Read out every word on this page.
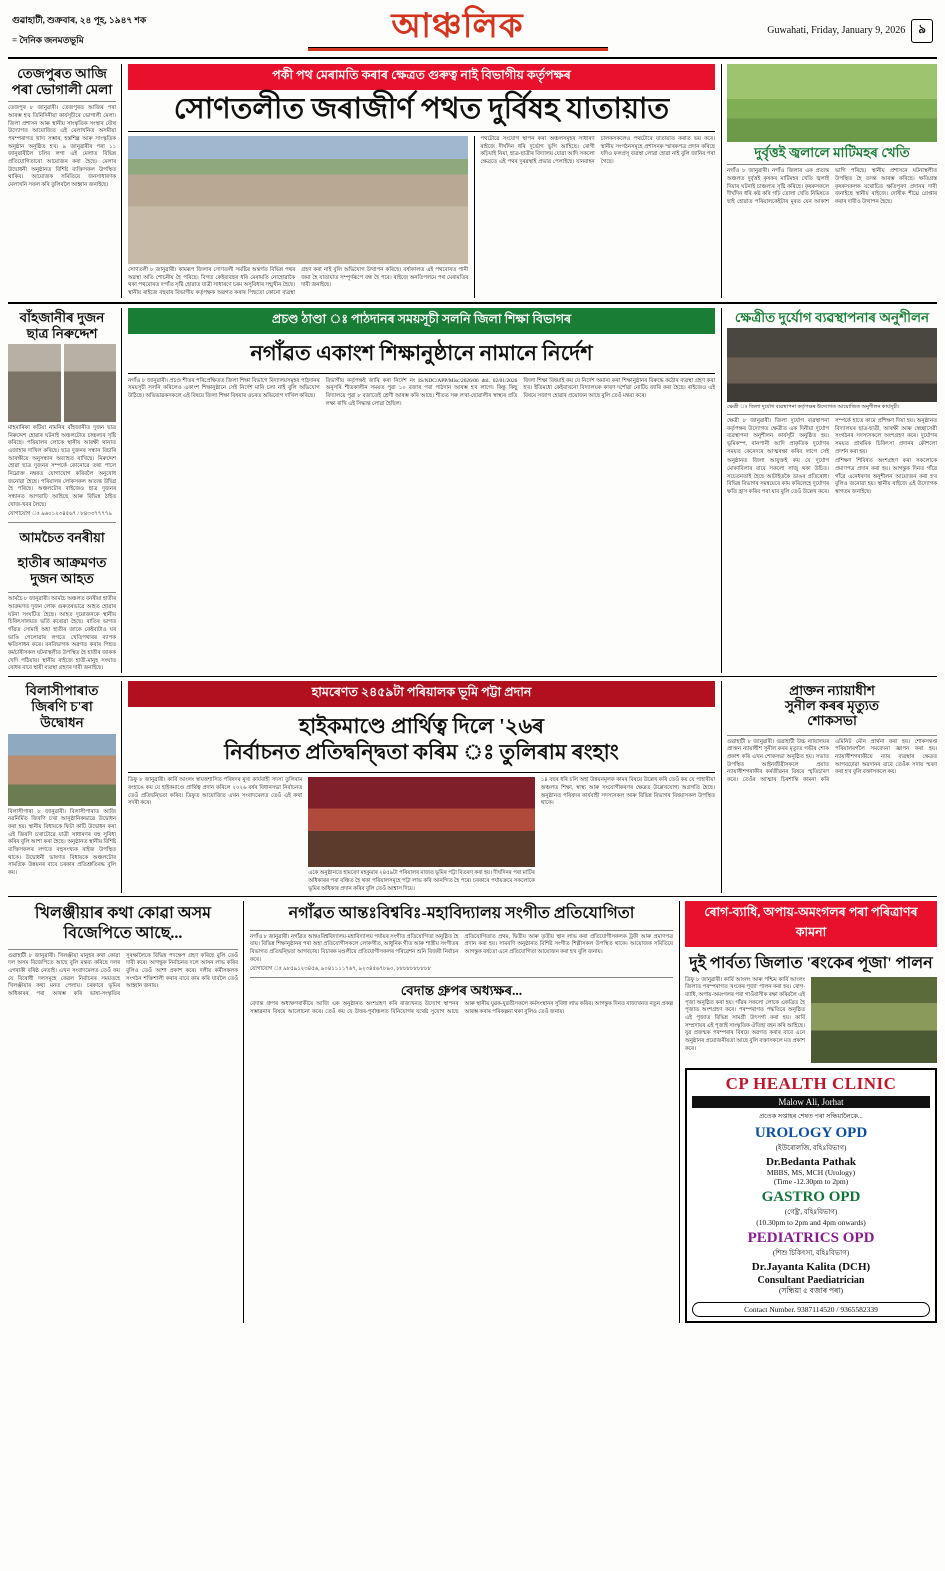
গুৱাহাটী, শুক্ৰবাৰ, ২৪ পূহ, ১৯৪৭ শক
= দৈনিক জনমতভূমি	আঞ্চলিক	Guwahati, Friday, January 9, 2026	৯
তেজপুৰত আজি পৰা ভোগালী মেলা
তেজপুৰ ৮ জানুৱাৰী। তেজপুৰত আজিৰ পৰা আৰম্ভ হ'ব তিনিদিনীয়া কাৰ্যসূচীৰে ভোগালী মেলা। জিলা প্ৰশাসন আৰু স্থানীয় সাংস্কৃতিক সংস্থাৰ যৌথ উদ্যোগত আয়োজিত এই মেলাখনিত অসমীয়া পৰম্পৰাগত খাদ্য সম্ভাৰ, হস্তশিল্প আৰু সাংস্কৃতিক অনুষ্ঠান অনুষ্ঠিত হ'ব। ৯ জানুৱাৰীৰ পৰা ১১ জানুৱাৰীলৈ চলিব লগা এই মেলাত বিভিন্ন প্ৰতিযোগিতাৰো আয়োজন কৰা হৈছে। মেলাৰ উদ্বোধনী অনুষ্ঠানত বিশিষ্ট ব্যক্তিসকল উপস্থিত থাকিব। আয়োজক সমিতিয়ে জনসাধাৰণক মেলাখনি সফল কৰি তুলিবলৈ আহ্বান জনাইছে।
পকী পথ মেৰামতি কৰাৰ ক্ষেত্ৰত গুৰুত্ব নাই বিভাগীয় কৰ্তৃপক্ষৰ
সোণতলীত জৰাজীৰ্ণ পথত দুৰ্বিষহ যাতায়াত
সোণতলী ৮ জানুৱাৰী। কামৰূপ জিলাৰ সোণতলী সমষ্টিৰ অন্তৰ্গত বিভিন্ন পথৰ অৱস্থা অতি শোচনীয় হৈ পৰিছে। বিগত কেইবাবছৰ ধৰি মেৰামতি নোহোৱাকৈ থকা পথবোৰত দ'গাঁত সৃষ্টি হোৱাত যাত্ৰী সাধাৰণে চৰম অসুবিধাৰ সন্মুখীন হৈছে। স্থানীয় ৰাইজে বহুবাৰ বিভাগীয় কৰ্তৃপক্ষক অৱগত কৰাৰ পিছতো কোনো ব্যৱস্থা গ্ৰহণ কৰা নাই বুলি অভিযোগ উত্থাপন কৰিছে। বৰ্ষাকালত এই পথবোৰত পানী জমা হৈ যাতায়াত সম্পূৰ্ণৰূপে বন্ধ হৈ পৰে। ৰাইজে অনতিপলমে পথ মেৰামতিৰ দাবী জনাইছে।
পথটোৱে সংযোগ স্থাপন কৰা অঞ্চলসমূহৰ সাধাৰণ ৰাইজে দীৰ্ঘদিন ধৰি দুৰ্ভোগ ভুগি আহিছে। ৰোগী কঢ়িয়াই নিয়া, ছাত্ৰ-ছাত্ৰীৰ বিদ্যালয় যোৱা আদি সকলো ক্ষেত্ৰতে এই পথৰ দুৰৱস্থাই প্ৰভাৱ পেলাইছে। যানবাহন চালকসকলেও পথটোৰে যাতায়াত কৰাত ভয় কৰে। স্থানীয় সংগঠনসমূহে প্ৰশাসনক স্মাৰকপত্ৰ প্ৰদান কৰিছে যদিও ফলপ্ৰসূ ব্যৱস্থা লোৱা হোৱা নাই বুলি জানিব পৰা গৈছে।
দুৰ্বৃত্তই জ্বলালে মাটিমহৰ খেতি
নগাঁও ৮ জানুৱাৰী। নগাঁও জিলাৰ এক প্ৰত্যন্ত অঞ্চলত দুৰ্বৃত্তই কৃষকৰ মাটিমহৰ খেতি জ্বলাই দিয়াৰ ঘটনাই চাঞ্চল্যৰ সৃষ্টি কৰিছে। কৃষকসকলে দীৰ্ঘদিন ধৰি কষ্ট কৰি গঢ়ি তোলা খেতি নিমিষতে ছাই হোৱাত পৰিয়ালকেইটাৰ মূৰত যেন আকাশ ভাগি পৰিছে। স্থানীয় প্ৰশাসনে ঘটনাস্থলীত উপস্থিত হৈ তদন্ত আৰম্ভ কৰিছে। ক্ষতিগ্ৰস্ত কৃষকসকলক যথোচিত ক্ষতিপূৰণ প্ৰদানৰ দাবী জনাইছে স্থানীয় ৰাইজে। দোষীক শীঘ্ৰে গ্ৰেপ্তাৰ কৰাৰ দাবীও উত্থাপন হৈছে।
বাঁহজানীৰ দুজন ছাত্ৰ নিৰুদ্দেশ
মাহমাৰিকা কটিয়া নামনিৰ বাঁহজানীত দুজন ছাত্ৰ নিৰুদ্দেশ হোৱাৰ ঘটনাই অঞ্চলটোত চাঞ্চল্যৰ সৃষ্টি কৰিছে। পৰিয়ালৰ লোকে স্থানীয় আৰক্ষী থানাত এজাহাৰ দাখিল কৰিছে। ছাত্ৰ দুজনৰ সন্ধান বিচাৰি আৰক্ষীয়ে অনুসন্ধান অব্যাহত ৰাখিছে। নিৰুদ্দেশ হোৱা ছাত্ৰ দুজনৰ সম্পৰ্কে কোনোৱে তথ্য পালে নিম্নোক্ত নম্বৰত যোগাযোগ কৰিবলৈ অনুৰোধ জনোৱা হৈছে। পৰিয়ালৰ লোকসকল অত্যন্ত উদ্বিগ্ন হৈ পৰিছে। অঞ্চলটোৰ ৰাইজেও ছাত্ৰ দুজনৰ সন্ধানত আগবাঢ়ি আহিছে আৰু বিভিন্ন ঠাইত খোজ-খবৰ লৈছে।
যোগাযোগ ঃ ৯৬০১২৩৪৫৬৭ / ৮৪৩৩৭৭৭৭৯
আমচৈত বনৰীয়া
হাতীৰ আক্ৰমণত দুজন আহত
আমচৈ ৮ জানুৱাৰী। আমচৈ অঞ্চলত বনৰীয়া হাতীৰ আক্ৰমণত দুজন লোক গুৰুতৰভাৱে আহত হোৱাৰ ঘটনা সংঘটিত হৈছে। আহত দুয়োজনকে স্থানীয় চিকিৎসালয়ত ভৰ্তি কৰোৱা হৈছে। ৰাতিৰ ভাগত গাঁৱত সোমাই অহা হাতীৰ জাকে কেইবাটাও ঘৰ ভাঙি পেলোৱাৰ লগতে খেতিপথাৰৰ ব্যাপক ক্ষতিসাধন কৰে। বনবিভাগক অৱগত কৰাৰ পিছত কৰ্মচাৰীসকল ঘটনাস্থলীত উপস্থিত হৈ হাতীৰ জাকক খেদি পঠিয়ায়। স্থানীয় ৰাইজে হাতী-মানুহ সংঘাত ৰোধৰ বাবে স্থায়ী ব্যৱস্থা গ্ৰহণৰ দাবী জনাইছে।
প্ৰচণ্ড ঠাণ্ডা ঃ পাঠদানৰ সময়সূচী সলনি জিলা শিক্ষা বিভাগৰ
নগাঁৱত একাংশ শিক্ষানুষ্ঠানে নামানে নিৰ্দেশ
নগাঁও ৮ জানুৱাৰী। প্ৰচণ্ড শীতৰ পৰিপ্ৰেক্ষিতত জিলা শিক্ষা বিভাগে বিদ্যালয়সমূহৰ পাঠদানৰ সময়সূচী সলনি কৰিলেও একাংশ শিক্ষানুষ্ঠানে সেই নিৰ্দেশ মানি চলা নাই বুলি অভিযোগ উঠিছে। অভিভাৱকসকলে এই বিষয়ে জিলা শিক্ষা বিষয়াৰ ওচৰত অভিযোগ দাখিল কৰিছে।
বিভাগীয় কৰ্তৃপক্ষই জাৰি কৰা নিৰ্দেশ নং IS/NDC/APP/Misc/2026/06 dtd. 02/01/2026 অনুসৰি শীতকালীন সময়ত পুৱা ১০ বজাৰ পৰা পাঠদান আৰম্ভ হ'ব লাগে। কিন্তু কিছু বিদ্যালয়ে পুৱা ৮ বজাতেই শ্ৰেণী আৰম্ভ কৰি আছে। শীতত সৰু ল'ৰা-ছোৱালীৰ স্বাস্থ্যৰ প্ৰতি লক্ষ্য ৰাখি এই সিদ্ধান্ত লোৱা হৈছিল।
জিলা শিক্ষা বিষয়াই কয় যে নিৰ্দেশ অমান্য কৰা শিক্ষানুষ্ঠানৰ বিৰুদ্ধে কঠোৰ ব্যৱস্থা গ্ৰহণ কৰা হ'ব। ইতিমধ্যে কেইবাখনো বিদ্যালয়ক কাৰণ দৰ্শোৱা নোটিচ জাৰি কৰা হৈছে। ৰাইজেও এই বিষয়ে সজাগ হোৱাৰ প্ৰয়োজন আছে বুলি তেওঁ মন্তব্য কৰে।
ক্ষেত্ৰীত দুৰ্যোগ ব্যৱস্থাপনাৰ অনুশীলন
ক্ষেত্ৰী ঃ জিলা দুৰ্যোগ ব্যৱস্থাপনা কৰ্তৃপক্ষৰ উদ্যোগত আয়োজিত অনুশীলন কাৰ্যসূচী।
ক্ষেত্ৰী ৮ জানুৱাৰী। জিলা দুৰ্যোগ ব্যৱস্থাপনা কৰ্তৃপক্ষৰ উদ্যোগত ক্ষেত্ৰীত এক দিনীয়া দুৰ্যোগ ব্যৱস্থাপনা অনুশীলন কাৰ্যসূচী অনুষ্ঠিত হয়। ভূমিকম্প, বানপানী আদি প্ৰাকৃতিক দুৰ্যোগৰ সময়ত কেনেদৰে আত্মৰক্ষা কৰিব লাগে সেই সম্পৰ্কে হাতে কামে প্ৰশিক্ষণ দিয়া হয়। অনুষ্ঠানত বিদ্যালয়ৰ ছাত্ৰ-ছাত্ৰী, আৰক্ষী আৰু স্বেচ্ছাসেৱী সংগঠনৰ সদস্যসকলে অংশগ্ৰহণ কৰে। দুৰ্যোগৰ সময়ত প্ৰাথমিক চিকিৎসা প্ৰদানৰ কৌশলো প্ৰদৰ্শন কৰা হয়।
অনুষ্ঠানত জিলা আয়ুক্তই কয় যে দুৰ্যোগ মোকাবিলাৰ বাবে সকলো সাজু থকা উচিত। সচেতনতাই হৈছে আটাইতকৈ ডাঙৰ প্ৰতিৰোধ। বিভিন্ন বিভাগৰ সমন্বয়েৰে কাম কৰিলেহে দুৰ্যোগৰ ক্ষতি হ্ৰাস কৰিব পৰা যাব বুলি তেওঁ উল্লেখ কৰে। প্ৰশিক্ষণ শিবিৰত অংশগ্ৰহণ কৰা সকলোকে প্ৰমাণপত্ৰ প্ৰদান কৰা হয়। আগন্তুক দিনত গাঁৱে গাঁৱে এনেধৰণৰ অনুশীলন আয়োজন কৰা হ'ব বুলিও জনোৱা হয়। স্থানীয় ৰাইজে এই উদ্যোগক স্বাগতম জনাইছে।
বিলাসীপাৰাত জিৰণি চ'ৰা উদ্বোধন
বিলাসীপাৰা ৮ জানুৱাৰী। বিলাসীপাৰাত আজি নৱনিৰ্মিত জিৰণি চ'ৰা আনুষ্ঠানিকভাৱে উদ্বোধন কৰা হয়। স্থানীয় বিধায়কে ফিটা কাটি উদ্বোধন কৰা এই জিৰণি চ'ৰাটোৱে যাত্ৰী সাধাৰণৰ বহু সুবিধা কৰিব বুলি আশা কৰা হৈছে। অনুষ্ঠানত স্থানীয় বিশিষ্ট ব্যক্তিসকলৰ লগতে বহুসংখ্যক ৰাইজ উপস্থিত থাকে। উদ্বোধনী ভাষণত বিধায়কে অঞ্চলটোৰ সামগ্ৰিক উন্নয়নৰ বাবে চৰকাৰ প্ৰতিশ্ৰুতিবদ্ধ বুলি কয়।
হামৰেণত ২৪৫৯টা পৰিয়ালক ভূমি পট্টা প্ৰদান
হাইকমাণ্ডে প্ৰাৰ্থিত্ব দিলে '২৬ৰ
নিৰ্বাচনত প্ৰতিদ্বন্দ্বিতা কৰিম ঃ তুলিৰাম ৰংহাং
ডিফু ৮ জানুৱাৰী। কাৰ্বি আংলং স্বায়ত্তশাসিত পৰিষদৰ মুখ্য কাৰ্যবাহী সদস্য তুলিৰাম ৰংহাঙে কয় যে হাইকমাণ্ডে প্ৰাৰ্থিত্ব প্ৰদান কৰিলে ২০২৬ বৰ্ষৰ বিধানসভা নিৰ্বাচনত তেওঁ প্ৰতিদ্বন্দ্বিতা কৰিব। ডিফুত আয়োজিত এখন সংবাদমেলত তেওঁ এই কথা সদৰী কৰে।
একে অনুষ্ঠানতে হামৰেণ মহকুমাৰ ২৪৫৯টা পৰিয়ালৰ মাজত ভূমিৰ পট্টা বিতৰণ কৰা হয়। দীৰ্ঘদিনৰ পৰা মাটিৰ অধিকাৰৰ পৰা বঞ্চিত হৈ থকা পৰিয়ালসমূহে পট্টা লাভ কৰি আনন্দিত হৈ পৰে। চৰকাৰে পৰ্যায়ক্ৰমে সকলোকে ভূমিৰ অধিকাৰ প্ৰদান কৰিব বুলি তেওঁ আশ্বাস দিয়ে।
১৪ বছৰ ধৰি চলি অহা উন্নয়নমূলক কামৰ বিষয়ে উল্লেখ কৰি তেওঁ কয় যে পাহাৰীয়া অঞ্চলত শিক্ষা, স্বাস্থ্য আৰু সংযোগীকৰণৰ ক্ষেত্ৰত উল্লেখযোগ্য অগ্ৰগতি হৈছে। অনুষ্ঠানত পৰিষদৰ কাৰ্যবাহী সদস্যসকল আৰু বিভিন্ন বিভাগৰ বিষয়াসকল উপস্থিত থাকে।
প্ৰাক্তন ন্যায়াধীশ
সুনীল কৰৰ মৃত্যুত
শোকসভা
গুৱাহাটী ৮ জানুৱাৰী। গুৱাহাটী উচ্চ ন্যায়ালয়ৰ প্ৰাক্তন ন্যায়াধীশ সুনীল কৰৰ মৃত্যুত গভীৰ শোক প্ৰকাশ কৰি এখন শোকসভা অনুষ্ঠিত হয়। সভাত উপস্থিত আইনজীৱীসকলে প্ৰয়াত ন্যায়াধীশগৰাকীৰ কৰ্মজীৱনৰ বিষয়ে স্মৃতিচাৰণ কৰে। তেওঁৰ আত্মাৰ চিৰশান্তি কামনা কৰি এমিনিট মৌন প্ৰাৰ্থনা কৰা হয়। শোকসন্তপ্ত পৰিয়ালবৰ্গলৈ সমবেদনা জ্ঞাপন কৰা হয়। ন্যায়াধীশগৰাকীয়ে ন্যায় ব্যৱস্থাৰ ক্ষেত্ৰত আগবঢ়োৱা অৱদানৰ বাবে তেওঁক সদায় স্মৰণ কৰা হ'ব বুলি বক্তাসকলে কয়।
খিলঞ্জীয়াৰ কথা কোৱা অসম বিজেপিতে আছে...
গুৱাহাটী ৮ জানুৱাৰী। খিলঞ্জীয়া মানুহৰ কথা কোৱা দল অসম বিজেপিতে আছে বুলি মন্তব্য কৰিছে দলৰ এগৰাকী বৰিষ্ঠ নেতাই। এখন সংবাদমেলত তেওঁ কয় যে বিৰোধী দলসমূহে কেৱল নিৰ্বাচনৰ সময়তহে খিলঞ্জীয়াৰ কথা মনত পেলায়। চৰকাৰে ভূমিৰ অধিকাৰৰ পৰা আৰম্ভ কৰি ভাষা-সংস্কৃতিৰ সুৰক্ষালৈকে বিভিন্ন পদক্ষেপ গ্ৰহণ কৰিছে বুলি তেওঁ দাবী কৰে। আগন্তুক নিৰ্বাচনত দলে আসন লাভ কৰিব বুলিও তেওঁ আশা প্ৰকাশ কৰে। দলীয় কৰ্মীসকলক সংগঠন শক্তিশালী কৰাৰ বাবে কাম কৰি যাবলৈ তেওঁ আহ্বান জনায়।
নগাঁৱত আন্তঃবিশ্ববিঃ-মহাবিদ্যালয় সংগীত প্ৰতিযোগিতা
নগাঁও ৮ জানুৱাৰী। নগাঁৱত আন্তঃবিশ্ববিদ্যালয়-মহাবিদ্যালয় পৰ্যায়ৰ সংগীত প্ৰতিযোগিতা অনুষ্ঠিত হৈ যায়। বিভিন্ন শিক্ষানুষ্ঠানৰ পৰা অহা প্ৰতিযোগীসকলে লোকগীত, আধুনিক গীত আৰু শাস্ত্ৰীয় সংগীতৰ বিভাগত প্ৰতিদ্বন্দ্বিতা আগবঢ়ায়। বিচাৰক মণ্ডলীয়ে প্ৰতিযোগীসকলৰ পৰিৱেশন শুনি বিজয়ী নিৰ্বাচন কৰে।
প্ৰতিযোগিতাত প্ৰথম, দ্বিতীয় আৰু তৃতীয় স্থান লাভ কৰা প্ৰতিযোগীসকলক ট্ৰফী আৰু প্ৰমাণপত্ৰ প্ৰদান কৰা হয়। সামৰণি অনুষ্ঠানত বিশিষ্ট সংগীত শিল্পীসকল উপস্থিত থাকে। আয়োজক সমিতিয়ে আগন্তুক বৰ্ষতো এনে প্ৰতিযোগিতা আয়োজন কৰা হ'ব বুলি জনায়।
যোগাযোগ ঃ ৯৮৫৯১২৩৪৫৬, ৯০৪১১১১৭৬৭, ৯২৩৪৫৬৭৮৯০, ৮৮৮৮৮৮৮৮৮৮
বেদান্ত গ্ৰুপৰ অধ্যক্ষৰ...
বেদান্ত গ্ৰুপৰ অধ্যক্ষগৰাকীয়ে আজি এক অনুষ্ঠানত অংশগ্ৰহণ কৰি ৰাজ্যখনত উদ্যোগ স্থাপনৰ সম্ভাৱনাৰ বিষয়ে আলোচনা কৰে। তেওঁ কয় যে উত্তৰ-পূৰ্বাঞ্চলত বিনিয়োগৰ যথেষ্ট সুযোগ আছে আৰু স্থানীয় যুৱক-যুৱতীসকলে কৰ্মসংস্থানৰ সুবিধা লাভ কৰিব। আগন্তুক দিনত ৰাজ্যখনত নতুন প্ৰকল্প আৰম্ভ কৰাৰ পৰিকল্পনা থকা বুলিও তেওঁ জনায়।
ৰোগ-ব্যাধি, অপায়-অমংগলৰ পৰা পৰিত্ৰাণৰ কামনা
দুই পাৰ্বত্য জিলাত 'ৰংকেৰ পূজা' পালন
ডিফু ৮ জানুৱাৰী। কাৰ্বি আংলং আৰু পশ্চিম কাৰ্বি আংলং জিলাত পৰম্পৰাগত 'ৰংকেৰ পূজা' পালন কৰা হয়। ৰোগ-ব্যাধি, অপায়-অমংগলৰ পৰা গাওঁবাসীক ৰক্ষা কৰিবলৈ এই পূজা অনুষ্ঠিত কৰা হয়। গাঁৱৰ সকলো লোকে একত্ৰিত হৈ পূজাত অংশগ্ৰহণ কৰে। পৰম্পৰাগত পদ্ধতিৰে অনুষ্ঠিত এই পূজাত বিভিন্ন সামগ্ৰী উৎসৰ্গা কৰা হয়। কাৰ্বি সম্প্ৰদায়ৰ এই পূজাই সাংস্কৃতিক ঐতিহ্য বহন কৰি আহিছে। যুৱ প্ৰজন্মক পৰম্পৰাৰ বিষয়ে অৱগত কৰাৰ বাবে এনে অনুষ্ঠানৰ প্ৰয়োজনীয়তা আছে বুলি বক্তাসকলে মত প্ৰকাশ কৰে।
CP HEALTH CLINIC
Malow Ali, Jorhat
প্ৰতেক সপ্তাহৰ শেষত পৰা সন্ধিয়ালৈকে...
UROLOGY OPD
(ইউৰোলজি, বহিঃবিভাগ)
Dr.Bedanta Pathak
MBBS, MS, MCH (Urology)
(Time -12.30pm to 2pm)
GASTRO OPD
(গেষ্ট্ৰ', বহিঃবিভাগ)
(10.30pm to 2pm and 4pm onwards)
PEDIATRICS OPD
(শিশু চিকিৎসা, বহিঃবিভাগ)
Dr.Jayanta Kalita (DCH)
Consultant Paediatrician
(সন্ধিয়া ৫ বজাৰ পৰা)
Contact Number. 9387114520 / 9365582339
